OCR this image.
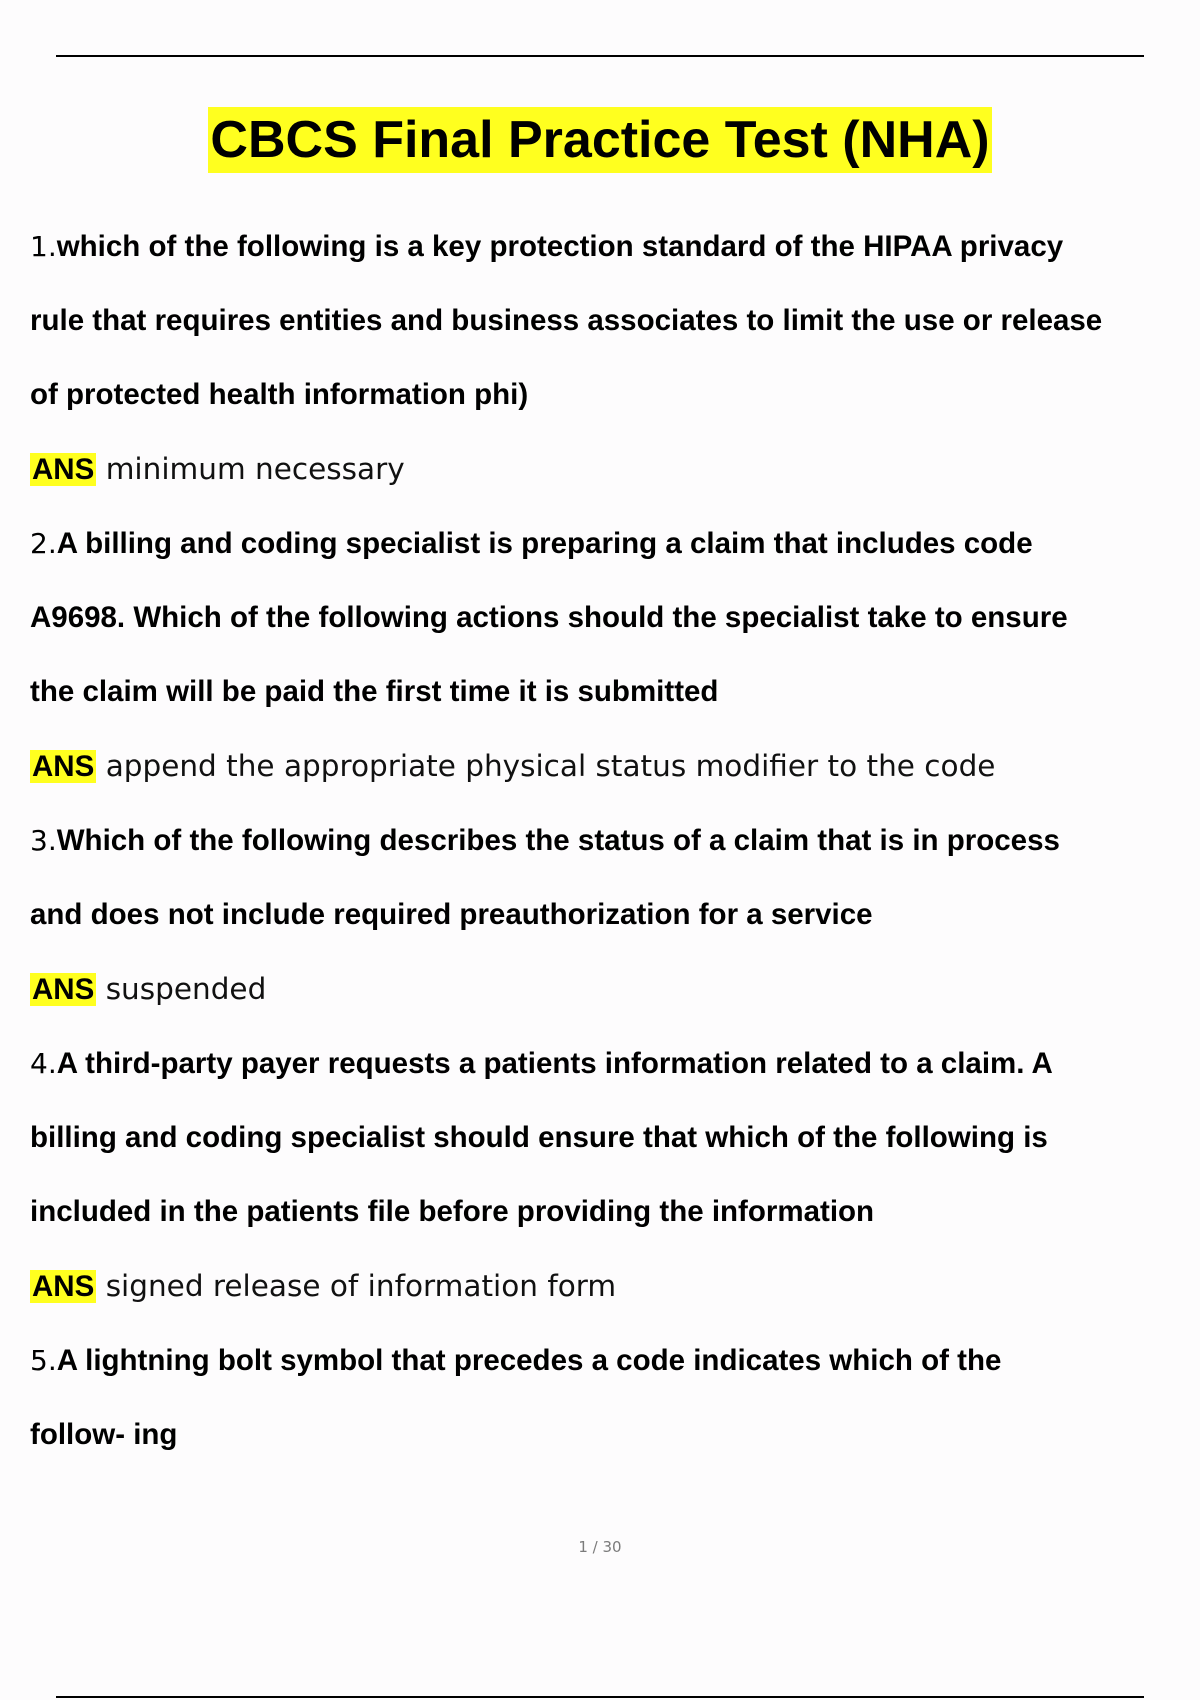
CBCS Final Practice Test (NHA)
1.which of the following is a key protection standard of the HIPAA privacy
rule that requires entities and business associates to limit the use or release
of protected health information phi)
ANS minimum necessary
2.A billing and coding specialist is preparing a claim that includes code
A9698. Which of the following actions should the specialist take to ensure
the claim will be paid the first time it is submitted
ANS append the appropriate physical status modifier to the code
3.Which of the following describes the status of a claim that is in process
and does not include required preauthorization for a service
ANS suspended
4.A third-party payer requests a patients information related to a claim. A
billing and coding specialist should ensure that which of the following is
included in the patients file before providing the information
ANS signed release of information form
5.A lightning bolt symbol that precedes a code indicates which of the
follow- ing
1 / 30
